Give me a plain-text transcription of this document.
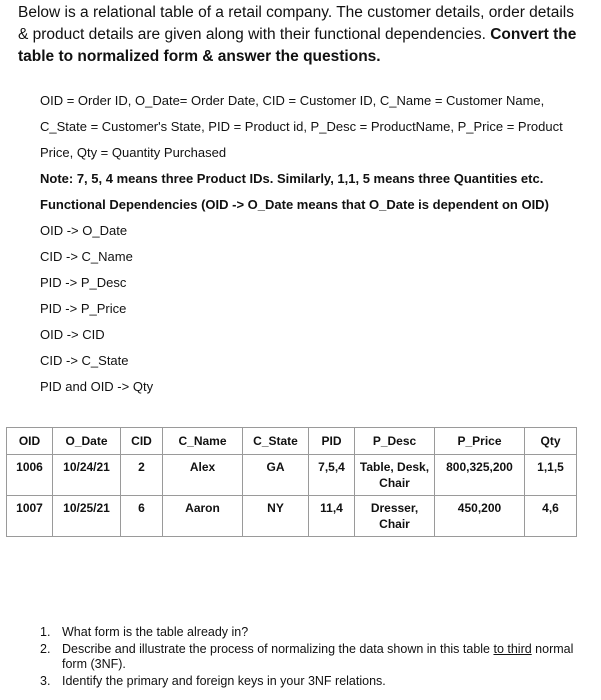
Below is a relational table of a retail company. The customer details, order details & product details are given along with their functional dependencies. Convert the table to normalized form & answer the questions.
OID = Order ID, O_Date= Order Date, CID = Customer ID, C_Name = Customer Name,
C_State = Customer's State, PID = Product id, P_Desc = ProductName, P_Price = Product
Price, Qty = Quantity Purchased
Note: 7, 5, 4 means three Product IDs. Similarly, 1,1, 5 means three Quantities etc.
Functional Dependencies (OID -> O_Date means that O_Date is dependent on OID)
OID -> O_Date
CID -> C_Name
PID -> P_Desc
PID -> P_Price
OID -> CID
CID -> C_State
PID and OID -> Qty
OID	O_Date	CID	C_Name	C_State	PID	P_Desc	P_Price	Qty
1006	10/24/21	2	Alex	GA	7,5,4	Table, Desk, Chair	800,325,200	1,1,5
1007	10/25/21	6	Aaron	NY	11,4	Dresser, Chair	450,200	4,6
1. What form is the table already in?
2. Describe and illustrate the process of normalizing the data shown in this table to third normal form (3NF).
3. Identify the primary and foreign keys in your 3NF relations.
